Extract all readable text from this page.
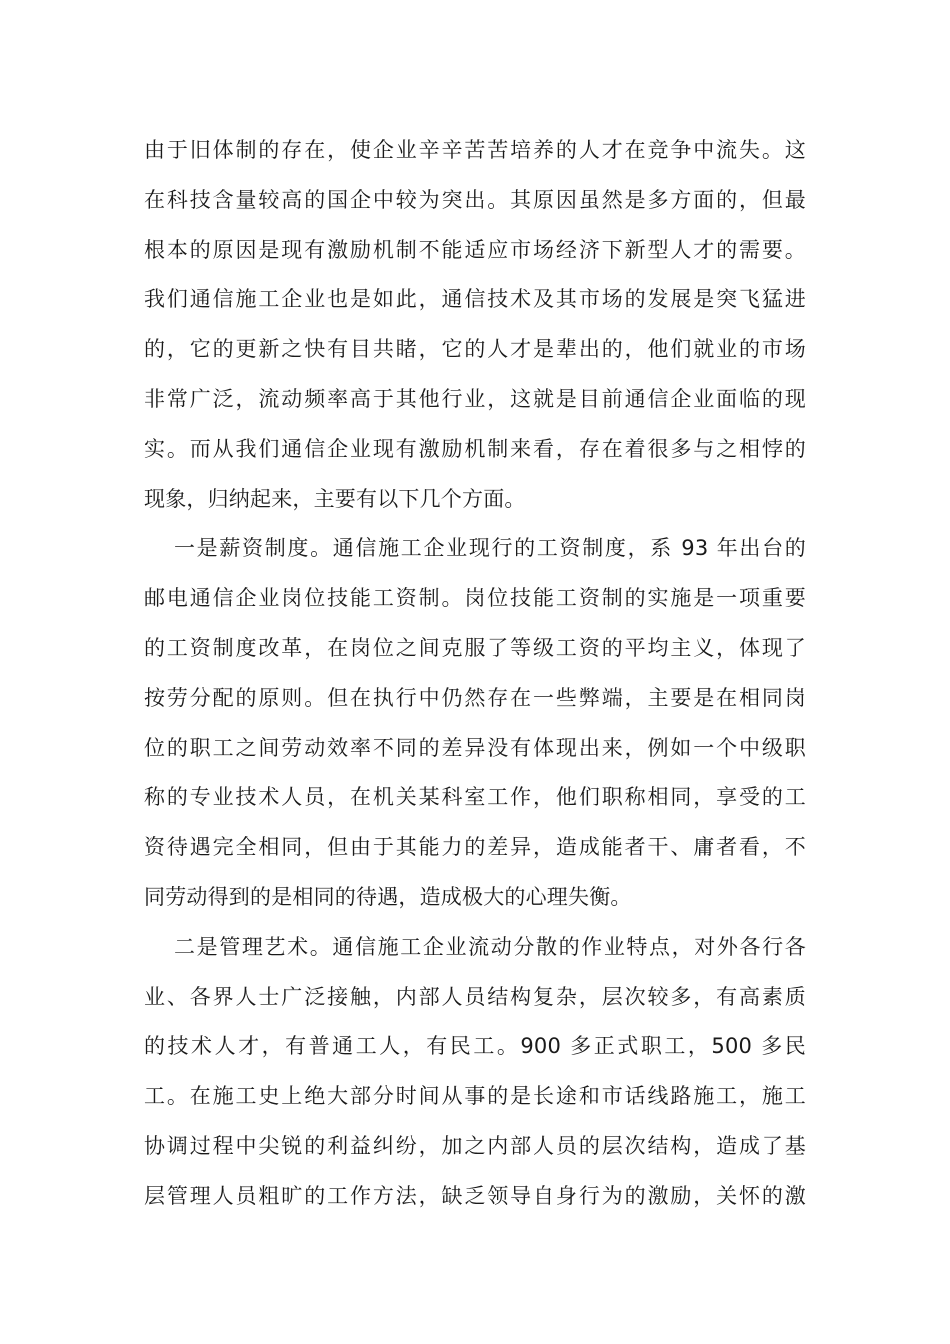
由于旧体制的存在，使企业辛辛苦苦培养的人才在竞争中流失。这
在科技含量较高的国企中较为突出。其原因虽然是多方面的，但最
根本的原因是现有激励机制不能适应市场经济下新型人才的需要。
我们通信施工企业也是如此，通信技术及其市场的发展是突飞猛进
的，它的更新之快有目共睹，它的人才是辈出的，他们就业的市场
非常广泛，流动频率高于其他行业，这就是目前通信企业面临的现
实。而从我们通信企业现有激励机制来看，存在着很多与之相悖的
现象，归纳起来，主要有以下几个方面。
一是薪资制度。通信施工企业现行的工资制度，系 93 年出台的
邮电通信企业岗位技能工资制。岗位技能工资制的实施是一项重要
的工资制度改革，在岗位之间克服了等级工资的平均主义，体现了
按劳分配的原则。但在执行中仍然存在一些弊端，主要是在相同岗
位的职工之间劳动效率不同的差异没有体现出来，例如一个中级职
称的专业技术人员，在机关某科室工作，他们职称相同，享受的工
资待遇完全相同，但由于其能力的差异，造成能者干、庸者看，不
同劳动得到的是相同的待遇，造成极大的心理失衡。
二是管理艺术。通信施工企业流动分散的作业特点，对外各行各
业、各界人士广泛接触，内部人员结构复杂，层次较多，有高素质
的技术人才，有普通工人，有民工。900 多正式职工，500 多民
工。在施工史上绝大部分时间从事的是长途和市话线路施工，施工
协调过程中尖锐的利益纠纷，加之内部人员的层次结构，造成了基
层管理人员粗旷的工作方法，缺乏领导自身行为的激励，关怀的激
